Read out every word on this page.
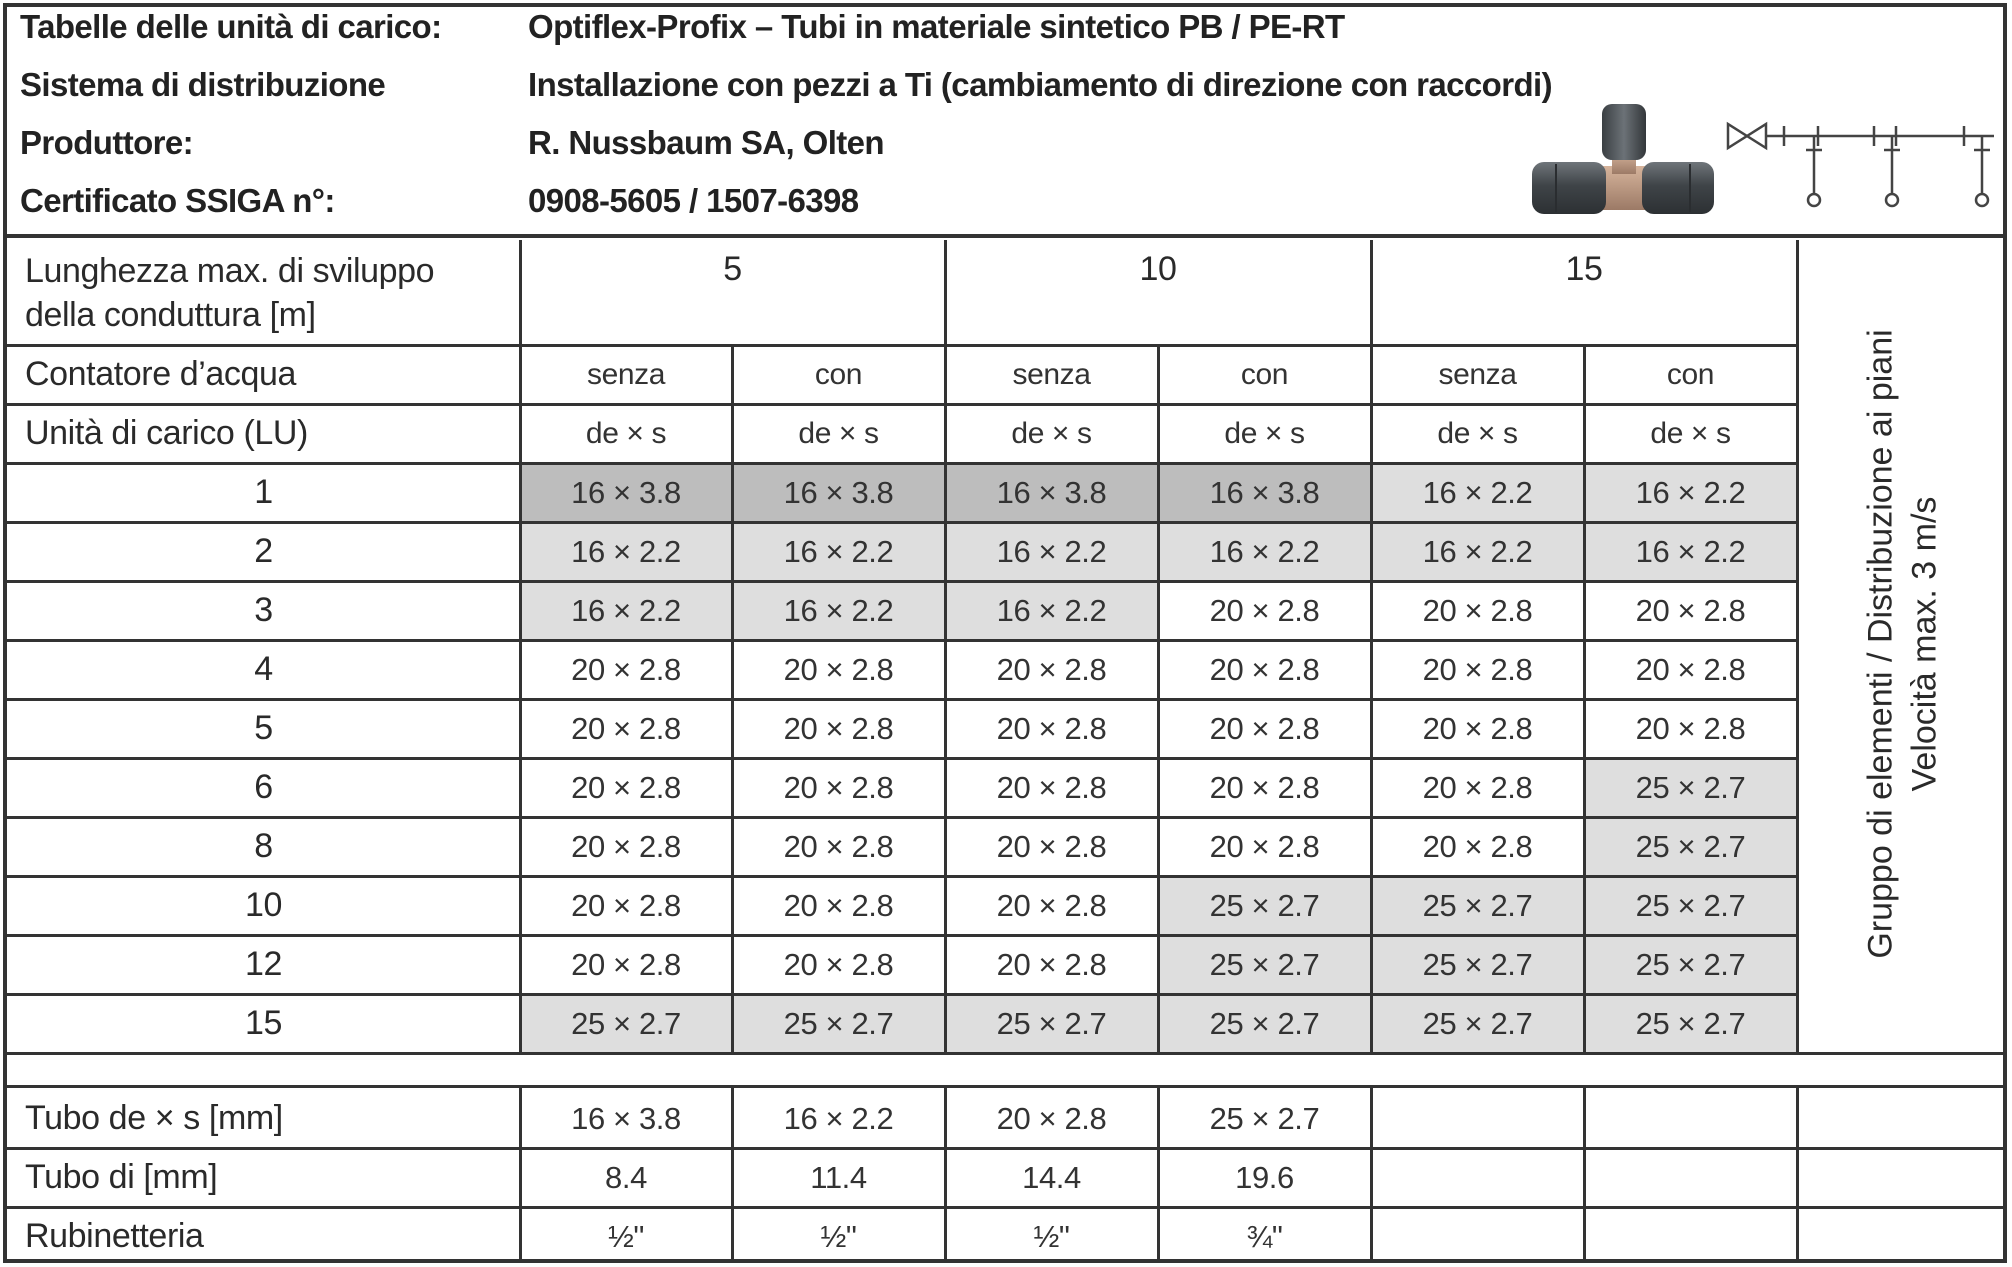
Tabelle delle unità di carico:	Optiflex-Profix – Tubi in materiale sintetico PB / PE-RT
Sistema di distribuzione	Installazione con pezzi a Ti (cambiamento di direzione con raccordi)
Produttore:	R. Nussbaum SA, Olten
Certificato SSIGA n°:	0908-5605 / 1507-6398
Lunghezza max. di sviluppo
della conduttura [m]
5	10	15
Contatore d’acqua	senza	con	senza	con	senza	con
Unità di carico (LU)	de × s	de × s	de × s	de × s	de × s	de × s
1	16 × 3.8	16 × 3.8	16 × 3.8	16 × 3.8	16 × 2.2	16 × 2.2
2	16 × 2.2	16 × 2.2	16 × 2.2	16 × 2.2	16 × 2.2	16 × 2.2
3	16 × 2.2	16 × 2.2	16 × 2.2	20 × 2.8	20 × 2.8	20 × 2.8
4	20 × 2.8	20 × 2.8	20 × 2.8	20 × 2.8	20 × 2.8	20 × 2.8
5	20 × 2.8	20 × 2.8	20 × 2.8	20 × 2.8	20 × 2.8	20 × 2.8
6	20 × 2.8	20 × 2.8	20 × 2.8	20 × 2.8	20 × 2.8	25 × 2.7
8	20 × 2.8	20 × 2.8	20 × 2.8	20 × 2.8	20 × 2.8	25 × 2.7
10	20 × 2.8	20 × 2.8	20 × 2.8	25 × 2.7	25 × 2.7	25 × 2.7
12	20 × 2.8	20 × 2.8	20 × 2.8	25 × 2.7	25 × 2.7	25 × 2.7
15	25 × 2.7	25 × 2.7	25 × 2.7	25 × 2.7	25 × 2.7	25 × 2.7
Tubo de × s [mm]	16 × 3.8	16 × 2.2	20 × 2.8	25 × 2.7
Tubo di [mm]	8.4	11.4	14.4	19.6
Rubinetteria	½"	½"	½"	¾"
Gruppo di elementi / Distribuzione ai piani Velocità max. 3 m/s
